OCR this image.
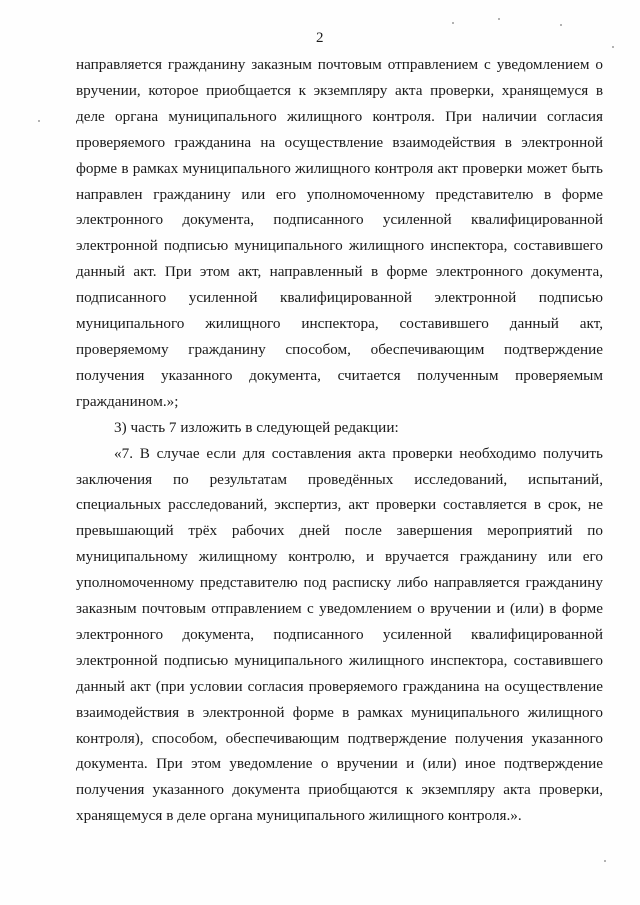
2

направляется гражданину заказным почтовым отправлением с уведомлением о вручении, которое приобщается к экземпляру акта проверки, хранящемуся в деле органа муниципального жилищного контроля. При наличии согласия проверяемого гражданина на осуществление взаимодействия в электронной форме в рамках муниципального жилищного контроля акт проверки может быть направлен гражданину или его уполномоченному представителю в форме электронного документа, подписанного усиленной квалифицированной электронной подписью муниципального жилищного инспектора, составившего данный акт. При этом акт, направленный в форме электронного документа, подписанного усиленной квалифицированной электронной подписью муниципального жилищного инспектора, составившего данный акт, проверяемому гражданину способом, обеспечивающим подтверждение получения указанного документа, считается полученным проверяемым гражданином.»;

3) часть 7 изложить в следующей редакции:

«7. В случае если для составления акта проверки необходимо получить заключения по результатам проведённых исследований, испытаний, специальных расследований, экспертиз, акт проверки составляется в срок, не превышающий трёх рабочих дней после завершения мероприятий по муниципальному жилищному контролю, и вручается гражданину или его уполномоченному представителю под расписку либо направляется гражданину заказным почтовым отправлением с уведомлением о вручении и (или) в форме электронного документа, подписанного усиленной квалифицированной электронной подписью муниципального жилищного инспектора, составившего данный акт (при условии согласия проверяемого гражданина на осуществление взаимодействия в электронной форме в рамках муниципального жилищного контроля), способом, обеспечивающим подтверждение получения указанного документа. При этом уведомление о вручении и (или) иное подтверждение получения указанного документа приобщаются к экземпляру акта проверки, хранящемуся в деле органа муниципального жилищного контроля.».
